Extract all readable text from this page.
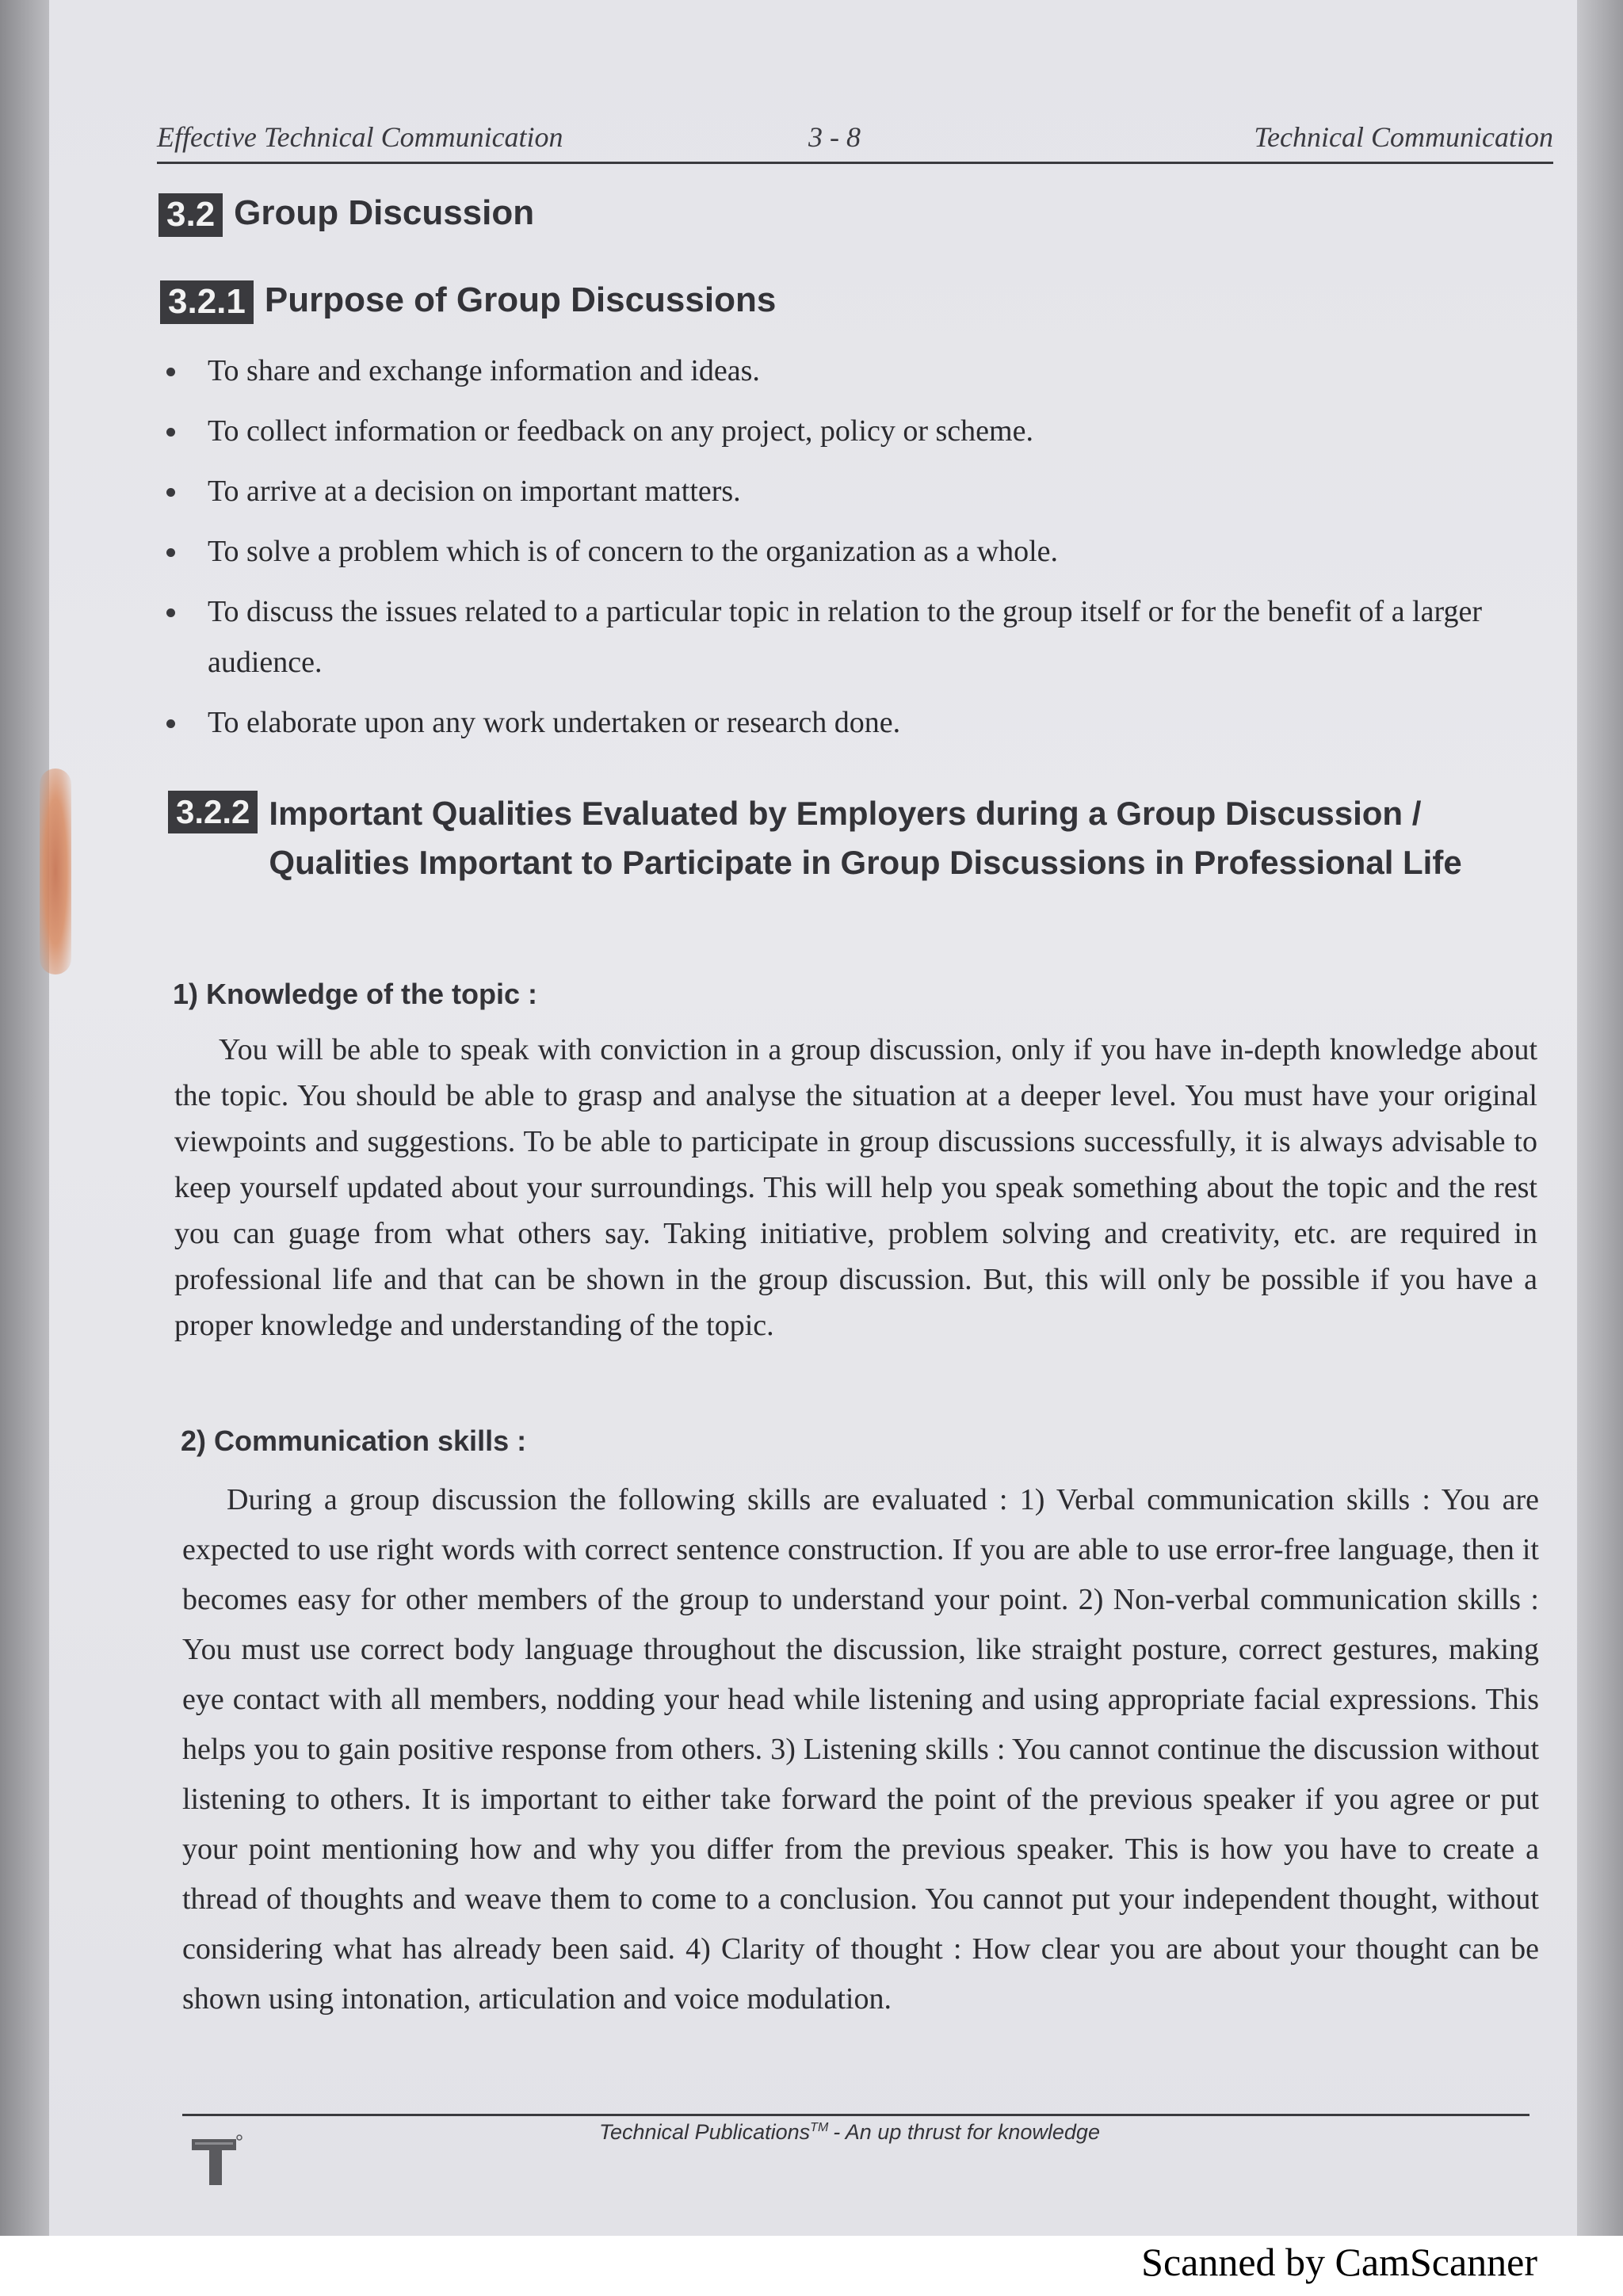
Effective Technical Communication	3 - 8	Technical Communication
3.2 Group Discussion
3.2.1 Purpose of Group Discussions
To share and exchange information and ideas.
To collect information or feedback on any project, policy or scheme.
To arrive at a decision on important matters.
To solve a problem which is of concern to the organization as a whole.
To discuss the issues related to a particular topic in relation to the group itself or for the benefit of a larger audience.
To elaborate upon any work undertaken or research done.
3.2.2 Important Qualities Evaluated by Employers during a Group Discussion / Qualities Important to Participate in Group Discussions in Professional Life
1) Knowledge of the topic :

You will be able to speak with conviction in a group discussion, only if you have in-depth knowledge about the topic. You should be able to grasp and analyse the situation at a deeper level. You must have your original viewpoints and suggestions. To be able to participate in group discussions successfully, it is always advisable to keep yourself updated about your surroundings. This will help you speak something about the topic and the rest you can guage from what others say. Taking initiative, problem solving and creativity, etc. are required in professional life and that can be shown in the group discussion. But, this will only be possible if you have a proper knowledge and understanding of the topic.

2) Communication skills :

During a group discussion the following skills are evaluated : 1) Verbal communication skills : You are expected to use right words with correct sentence construction. If you are able to use error-free language, then it becomes easy for other members of the group to understand your point. 2) Non-verbal communication skills : You must use correct body language throughout the discussion, like straight posture, correct gestures, making eye contact with all members, nodding your head while listening and using appropriate facial expressions. This helps you to gain positive response from others. 3) Listening skills : You cannot continue the discussion without listening to others. It is important to either take forward the point of the previous speaker if you agree or put your point mentioning how and why you differ from the previous speaker. This is how you have to create a thread of thoughts and weave them to come to a conclusion. You cannot put your independent thought, without considering what has already been said. 4) Clarity of thought : How clear you are about your thought can be shown using intonation, articulation and voice modulation.

Technical Publications™ - An up thrust for knowledge
Scanned by CamScanner
